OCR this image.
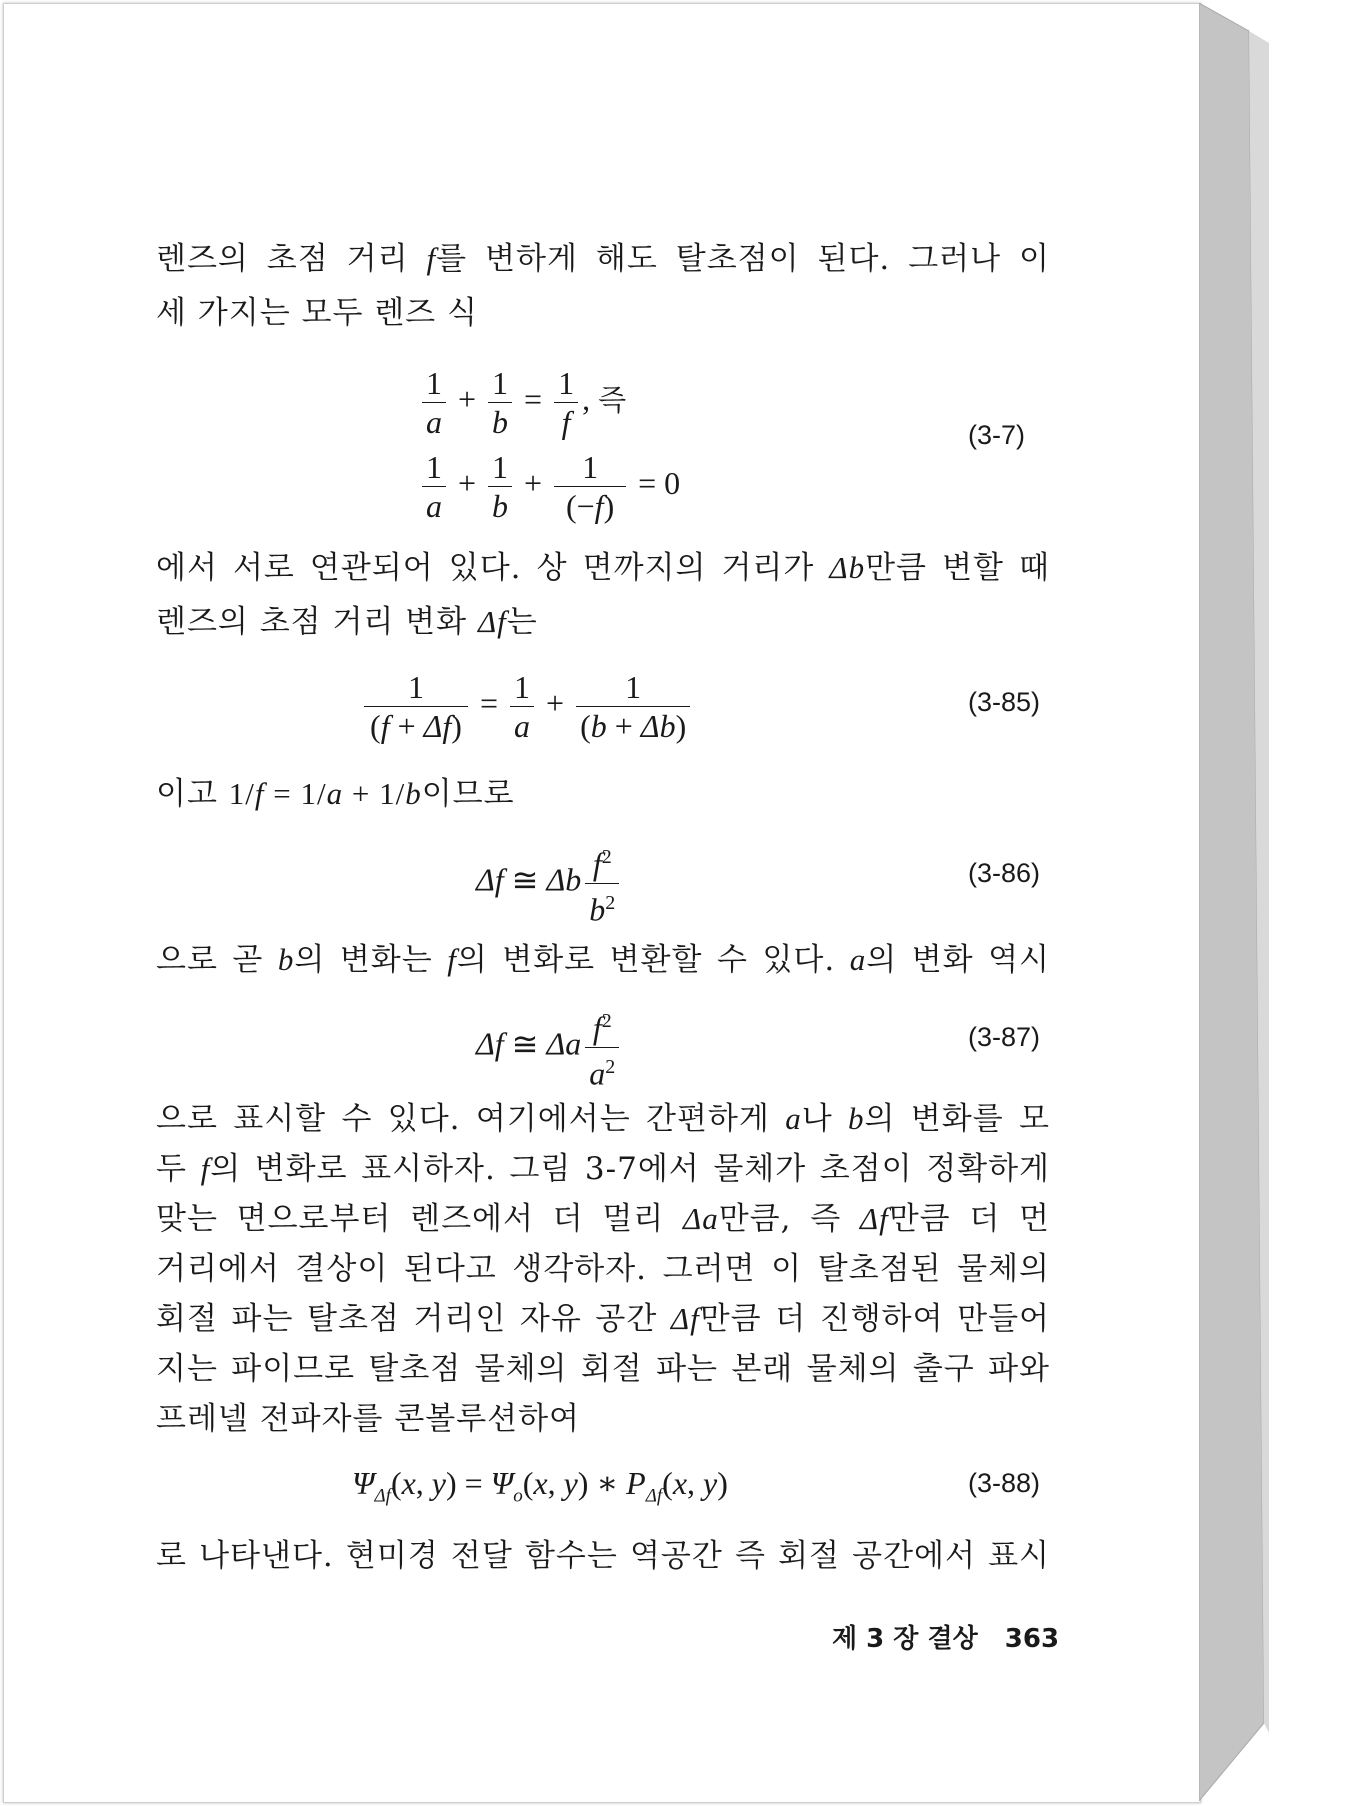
렌즈의 초점 거리 f를 변하게 해도 탈초점이 된다. 그러나 이
세 가지는 모두 렌즈 식
$\frac{1}{a} + \frac{1}{b} = \frac{1}{f}$ , 즉
$\frac{1}{a} + \frac{1}{b} + \frac{1}{(-f)} = 0$
(3-7)
에서 서로 연관되어 있다. 상 면까지의 거리가 Δb만큼 변할 때
렌즈의 초점 거리 변화 Δf는
$\frac{1}{(f + \Delta f)} = \frac{1}{a} + \frac{1}{(b + \Delta b)}$	(3-85)
이고 1/f = 1/a + 1/b이므로
Δf ≅ Δb $\frac{f^2}{b^2}$	(3-86)
으로 곧 b의 변화는 f의 변화로 변환할 수 있다. a의 변화 역시
Δf ≅ Δa $\frac{f^2}{a^2}$	(3-87)
으로 표시할 수 있다. 여기에서는 간편하게 a나 b의 변화를 모
두 f의 변화로 표시하자. 그림 3-7에서 물체가 초점이 정확하게
맞는 면으로부터 렌즈에서 더 멀리 Δa만큼, 즉 Δf만큼 더 먼
거리에서 결상이 된다고 생각하자. 그러면 이 탈초점된 물체의
회절 파는 탈초점 거리인 자유 공간 Δf만큼 더 진행하여 만들어
지는 파이므로 탈초점 물체의 회절 파는 본래 물체의 출구 파와
프레넬 전파자를 콘볼루션하여
$\Psi_{\Delta f}(x$, $y) = \Psi_o(x$, y) ∗ $P_{\Delta f}(x$, y)	(3-88)
로 나타낸다. 현미경 전달 함수는 역공간 즉 회절 공간에서 표시
제 3 장 결상 363
